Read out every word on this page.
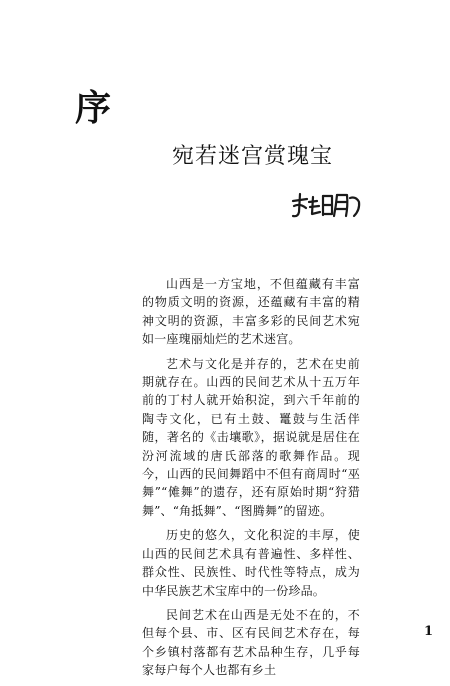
序
宛若迷宫赏瑰宝

山西是一方宝地，不但蕴藏有丰富的物质文明的资源，还蕴藏有丰富的精神文明的资源，丰富多彩的民间艺术宛如一座瑰丽灿烂的艺术迷宫。

艺术与文化是并存的，艺术在史前期就存在。山西的民间艺术从十五万年前的丁村人就开始积淀，到六千年前的陶寺文化，已有土鼓、鼍鼓与生活伴随，著名的《击壤歌》，据说就是居住在汾河流域的唐氏部落的歌舞作品。现今，山西的民间舞蹈中不但有商周时“巫舞”“傩舞”的遗存，还有原始时期“狩猎舞”、“角抵舞”、“图腾舞”的留迹。

历史的悠久，文化积淀的丰厚，使山西的民间艺术具有普遍性、多样性、群众性、民族性、时代性等特点，成为中华民族艺术宝库中的一份珍品。

民间艺术在山西是无处不在的，不但每个县、市、区有民间艺术存在，每个乡镇村落都有艺术品种生存，几乎每家每户每个人也都有乡土

1
